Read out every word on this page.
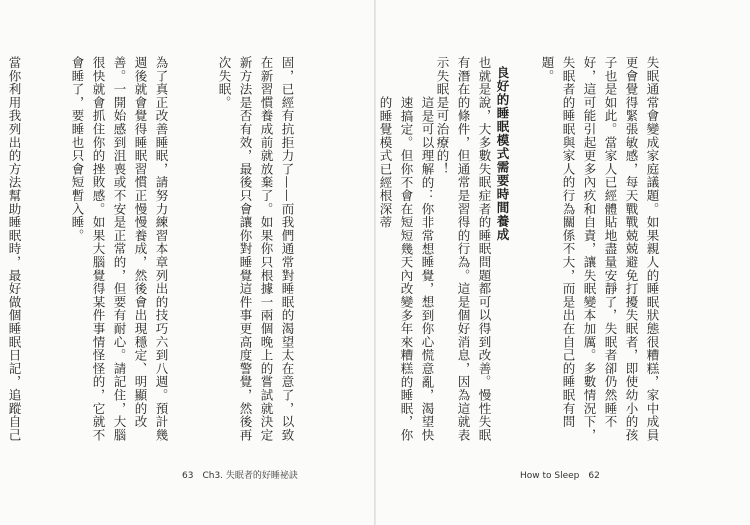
失眠通常會變成家庭議題。如果親人的睡眠狀態很糟糕，家中成員更會覺得緊張敏感，每天戰戰兢兢避免打擾失眠者，即使幼小的孩子也是如此。當家人已經體貼地盡量安靜了，失眠者卻仍然睡不好，這可能引起更多內疚和自責，讓失眠變本加厲。多數情況下，失眠者的睡眠與家人的行為關係不大，而是出在自己的睡眠有問題。

也就是說，大多數失眠症者的睡眠問題都可以得到改善。慢性失眠有潛在的條件，但通常是習得的行為。這是個好消息，因為這就表示失眠是可治療的！	良好的睡眠模式需要時間養成

這是可以理解的：你非常想睡覺，想到你心慌意亂，渴望快速搞定。但你不會在短短幾天內改變多年來糟糕的睡眠，你的睡覺模式已經根深蒂

固，已經有抗拒力了——而我們通常對睡眠的渴望太在意了，以致在新習慣養成前就放棄了。如果你只根據一兩個晚上的嘗試就決定新方法是否有效，最後只會讓你對睡覺這件事更高度警覺，然後再次失眠。

為了真正改善睡眠，請努力練習本章列出的技巧六到八週。預計幾週後就會覺得睡眠習慣正慢慢養成，然後會出現穩定、明顯的改善。一開始感到沮喪或不安是正常的，但要有耐心。請記住，大腦很快就會抓住你的挫敗感。如果大腦覺得某件事情怪怪的，它就不會睡了，要睡也只會短暫入睡。

當你利用我列出的方法幫助睡眠時，最好做個睡眠日記，追蹤自己

63　Ch3. 失眠者的好睡祕訣	How to Sleep　62
